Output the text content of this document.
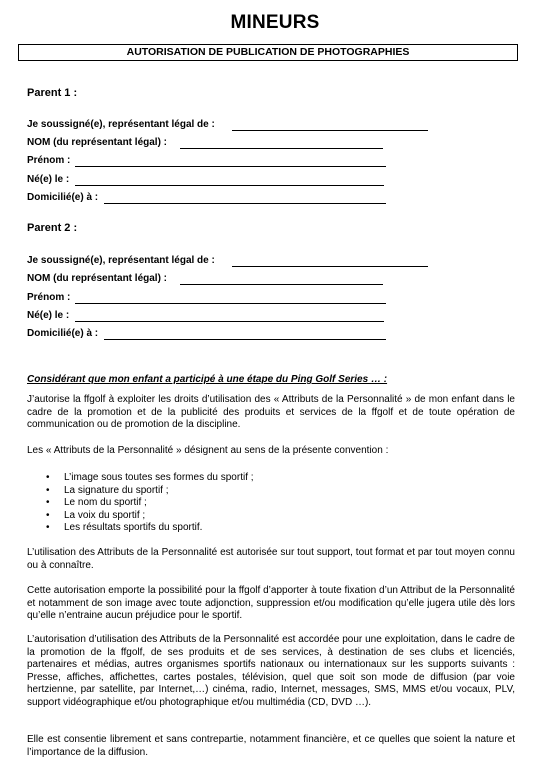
MINEURS
AUTORISATION DE PUBLICATION DE PHOTOGRAPHIES
Parent 1 :
Je soussigné(e), représentant légal de :
NOM (du représentant légal) :
Prénom :
Né(e) le :
Domicilié(e) à :
Parent 2 :
Je soussigné(e), représentant légal de :
NOM (du représentant légal) :
Prénom :
Né(e) le :
Domicilié(e) à :
Considérant que mon enfant a participé à une étape du Ping Golf Series … :
J’autorise la ffgolf à exploiter les droits d’utilisation des « Attributs de la Personnalité » de mon enfant dans le cadre de la promotion et de la publicité des produits et services de la ffgolf et de toute opération de communication ou de promotion de la discipline.
Les « Attributs de la Personnalité » désignent au sens de la présente convention :
• L’image sous toutes ses formes du sportif ;
• La signature du sportif ;
• Le nom du sportif ;
• La voix du sportif ;
• Les résultats sportifs du sportif.
L’utilisation des Attributs de la Personnalité est autorisée sur tout support, tout format et par tout moyen connu ou à connaître.
Cette autorisation emporte la possibilité pour la ffgolf d’apporter à toute fixation d’un Attribut de la Personnalité et notamment de son image avec toute adjonction, suppression et/ou modification qu’elle jugera utile dès lors qu’elle n’entraine aucun préjudice pour le sportif.
L’autorisation d’utilisation des Attributs de la Personnalité est accordée pour une exploitation, dans le cadre de la promotion de la ffgolf, de ses produits et de ses services, à destination de ses clubs et licenciés, partenaires et médias, autres organismes sportifs nationaux ou internationaux sur les supports suivants : Presse, affiches, affichettes, cartes postales, télévision, quel que soit son mode de diffusion (par voie hertzienne, par satellite, par Internet,…) cinéma, radio, Internet, messages, SMS, MMS et/ou vocaux, PLV, support vidéographique et/ou photographique et/ou multimédia (CD, DVD …).
Elle est consentie librement et sans contrepartie, notamment financière, et ce quelles que soient la nature et l’importance de la diffusion.
